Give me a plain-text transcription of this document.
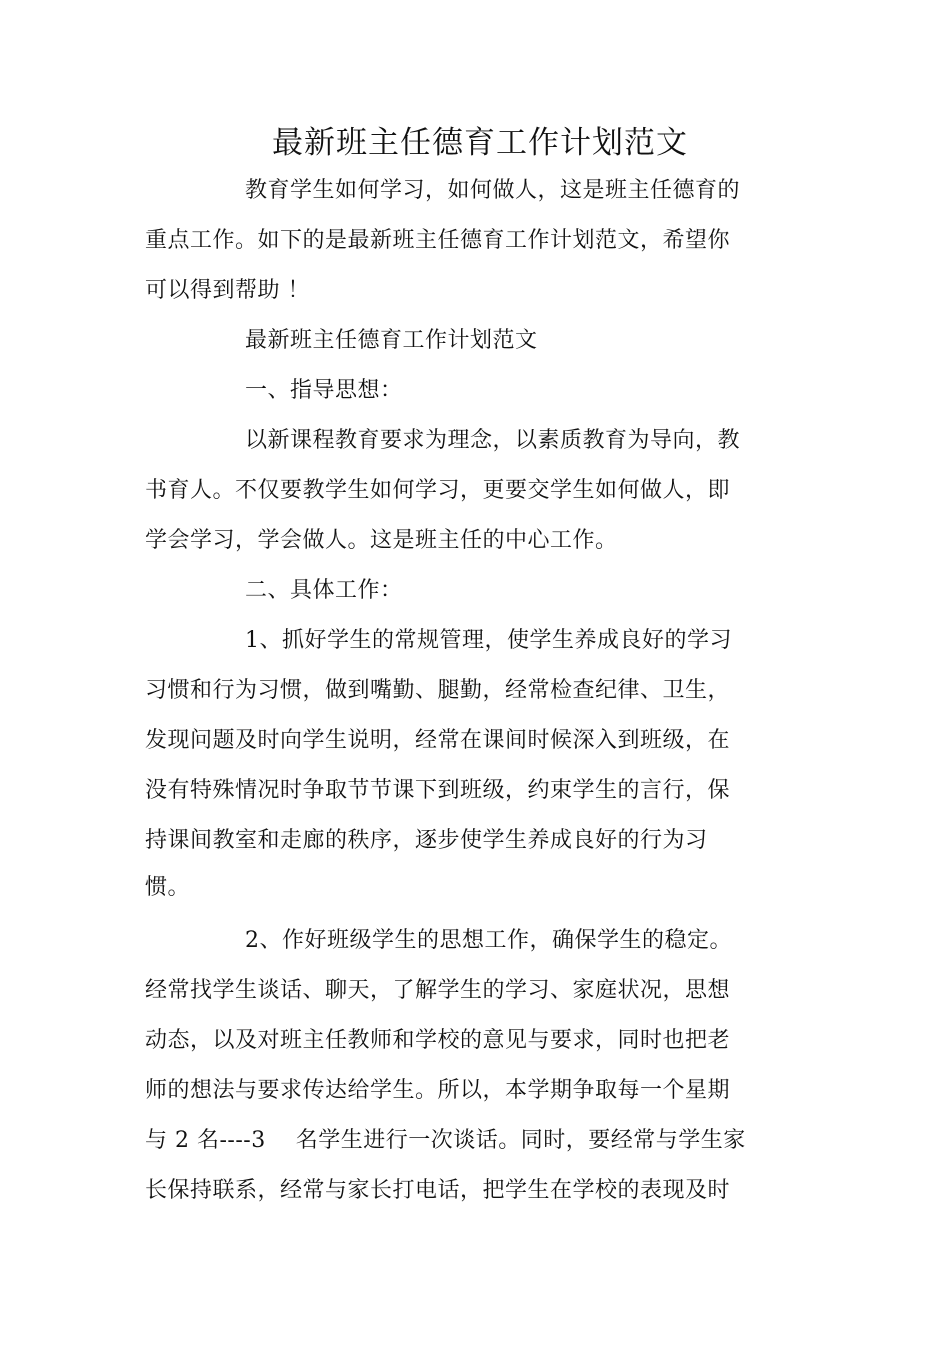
最新班主任德育工作计划范文
教育学生如何学习，如何做人，这是班主任德育的
重点工作。如下的是最新班主任德育工作计划范文，希望你
可以得到帮助 ！
最新班主任德育工作计划范文
一、指导思想：
以新课程教育要求为理念，以素质教育为导向，教
书育人。不仅要教学生如何学习，更要交学生如何做人，即
学会学习，学会做人。这是班主任的中心工作。
二、具体工作：
1、抓好学生的常规管理，使学生养成良好的学习
习惯和行为习惯，做到嘴勤、腿勤，经常检查纪律、卫生，
发现问题及时向学生说明，经常在课间时候深入到班级，在
没有特殊情况时争取节节课下到班级，约束学生的言行，保
持课间教室和走廊的秩序，逐步使学生养成良好的行为习
惯。
2、作好班级学生的思想工作，确保学生的稳定。
经常找学生谈话、聊天，了解学生的学习、家庭状况，思想
动态，以及对班主任教师和学校的意见与要求，同时也把老
师的想法与要求传达给学生。所以，本学期争取每一个星期
与 2 名----3　 名学生进行一次谈话。同时，要经常与学生家
长保持联系，经常与家长打电话，把学生在学校的表现及时
